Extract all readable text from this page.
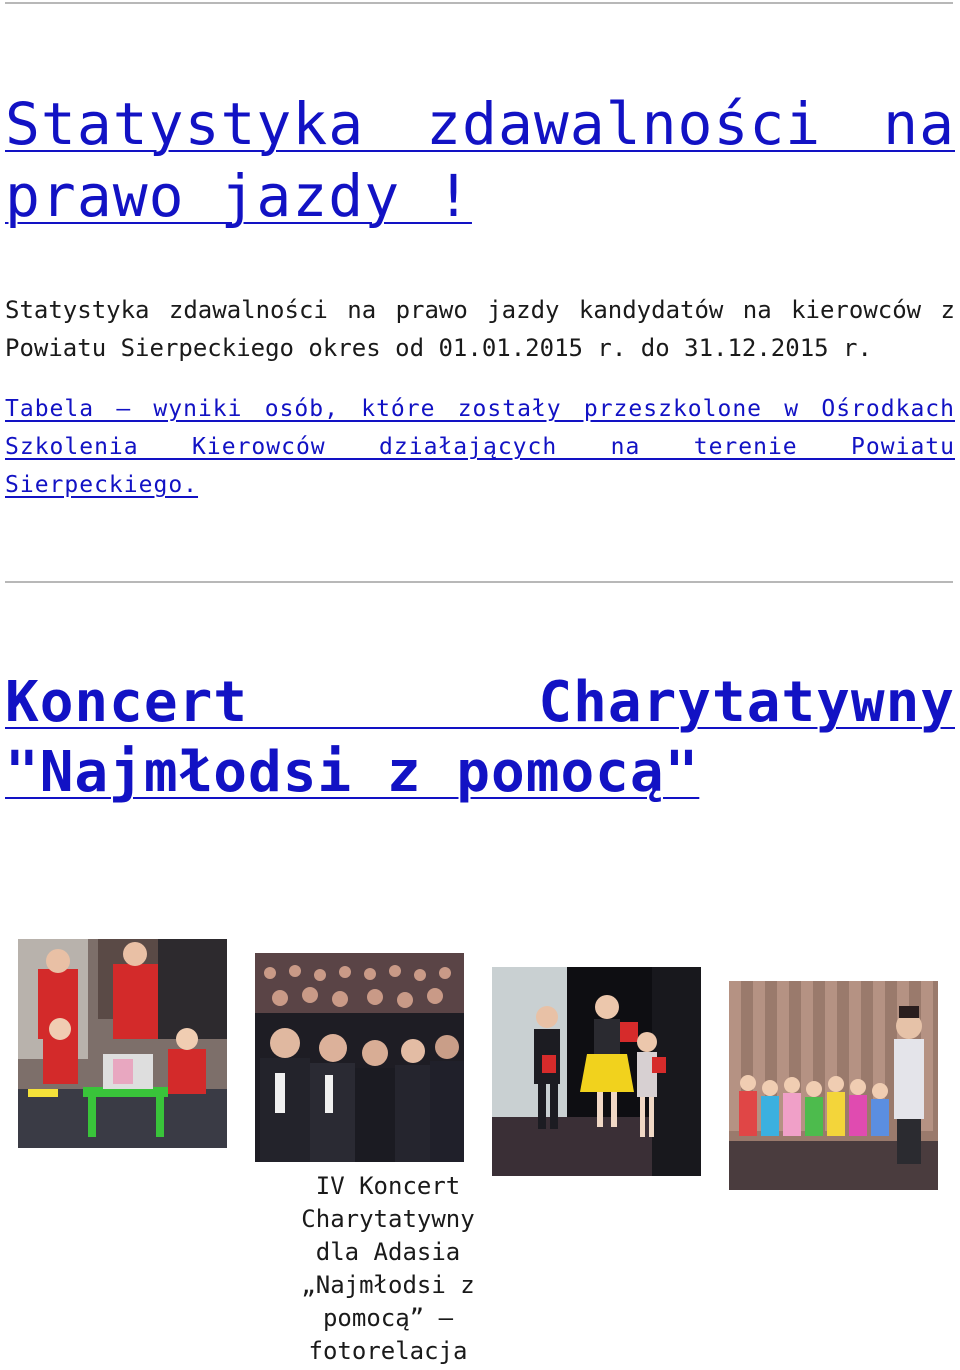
Statystyka zdawalności na prawo jazdy !

Statystyka zdawalności na prawo jazdy kandydatów na kierowców z Powiatu Sierpeckiego okres od 01.01.2015 r. do 31.12.2015 r.

Tabela – wyniki osób, które zostały przeszkolone w Ośrodkach Szkolenia Kierowców działających na terenie Powiatu Sierpeckiego.

Koncert Charytatywny "Najmłodsi z pomocą"

IV Koncert Charytatywny dla Adasia „Najmłodsi z pomocą” – fotorelacja
